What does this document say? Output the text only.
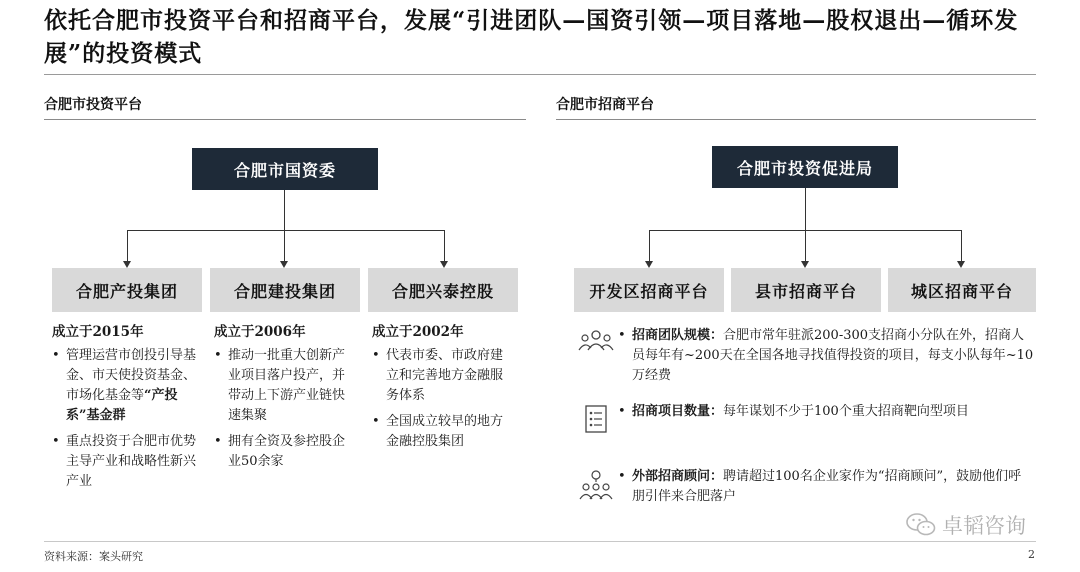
依托合肥市投资平台和招商平台，发展“引进团队—国资引领—项目落地—股权退出—循环发展”的投资模式
合肥市投资平台
合肥市国资委
合肥产投集团	合肥建投集团	合肥兴泰控股
成立于2015年
• 管理运营市创投引导基金、市天使投资基金、市场化基金等“产投系”基金群
• 重点投资于合肥市优势主导产业和战略性新兴产业
成立于2006年
• 推动一批重大创新产业项目落户投产，并带动上下游产业链快速集聚
• 拥有全资及参控股企业50余家
成立于2002年
• 代表市委、市政府建立和完善地方金融服务体系
• 全国成立较早的地方金融控股集团
合肥市招商平台
合肥市投资促进局
开发区招商平台	县市招商平台	城区招商平台
• 招商团队规模：合肥市常年驻派200-300支招商小分队在外，招商人员每年有~200天在全国各地寻找值得投资的项目，每支小队每年~10万经费
• 招商项目数量：每年谋划不少于100个重大招商靶向型项目
• 外部招商顾问：聘请超过100名企业家作为“招商顾问”，鼓励他们呼朋引伴来合肥落户
资料来源：案头研究	2
卓韬咨询
